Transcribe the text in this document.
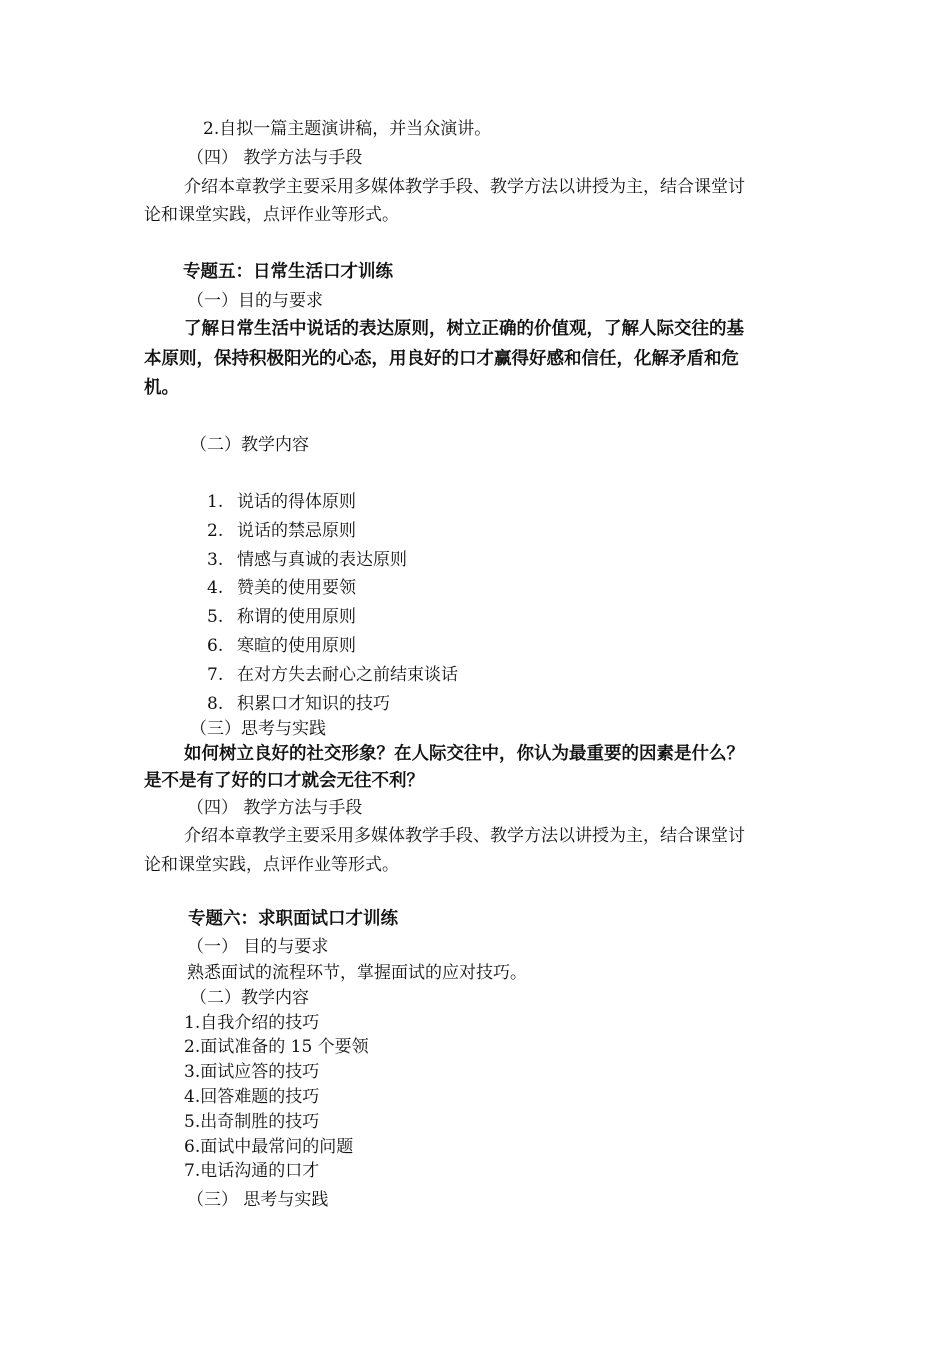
2.自拟一篇主题演讲稿，并当众演讲。
（四） 教学方法与手段
介绍本章教学主要采用多媒体教学手段、教学方法以讲授为主，结合课堂讨
论和课堂实践，点评作业等形式。
专题五：日常生活口才训练
（一）目的与要求
了解日常生活中说话的表达原则，树立正确的价值观，了解人际交往的基
本原则，保持积极阳光的心态，用良好的口才赢得好感和信任，化解矛盾和危
机。
（二）教学内容
1. 说话的得体原则
2. 说话的禁忌原则
3. 情感与真诚的表达原则
4. 赞美的使用要领
5. 称谓的使用原则
6. 寒暄的使用原则
7. 在对方失去耐心之前结束谈话
8. 积累口才知识的技巧
（三）思考与实践
如何树立良好的社交形象？在人际交往中，你认为最重要的因素是什么？
是不是有了好的口才就会无往不利？
（四） 教学方法与手段
介绍本章教学主要采用多媒体教学手段、教学方法以讲授为主，结合课堂讨
论和课堂实践，点评作业等形式。
专题六：求职面试口才训练
（一） 目的与要求
熟悉面试的流程环节，掌握面试的应对技巧。
（二）教学内容
1.自我介绍的技巧
2.面试准备的 15 个要领
3.面试应答的技巧
4.回答难题的技巧
5.出奇制胜的技巧
6.面试中最常问的问题
7.电话沟通的口才
（三） 思考与实践
